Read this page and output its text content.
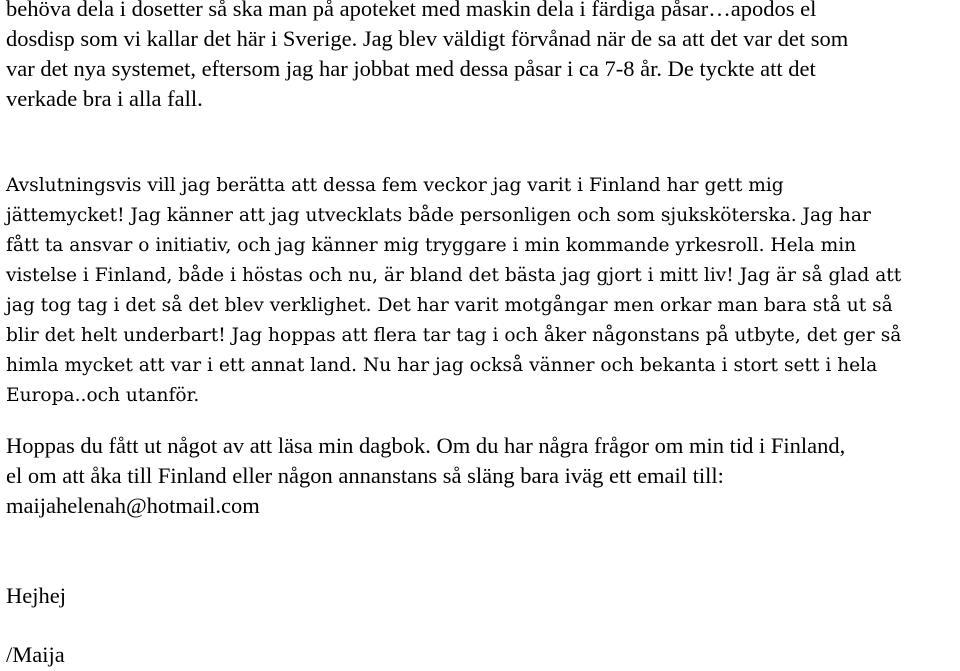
behöva dela i dosetter så ska man på apoteket med maskin dela i färdiga påsar…apodos el
dosdisp som vi kallar det här i Sverige. Jag blev väldigt förvånad när de sa att det var det som
var det nya systemet, eftersom jag har jobbat med dessa påsar i ca 7-8 år. De tyckte att det
verkade bra i alla fall.

Avslutningsvis vill jag berätta att dessa fem veckor jag varit i Finland har gett mig
jättemycket! Jag känner att jag utvecklats både personligen och som sjuksköterska. Jag har
fått ta ansvar o initiativ, och jag känner mig tryggare i min kommande yrkesroll. Hela min
vistelse i Finland, både i höstas och nu, är bland det bästa jag gjort i mitt liv! Jag är så glad att
jag tog tag i det så det blev verklighet. Det har varit motgångar men orkar man bara stå ut så
blir det helt underbart! Jag hoppas att flera tar tag i och åker någonstans på utbyte, det ger så
himla mycket att var i ett annat land. Nu har jag också vänner och bekanta i stort sett i hela
Europa..och utanför.

Hoppas du fått ut något av att läsa min dagbok. Om du har några frågor om min tid i Finland,
el om att åka till Finland eller någon annanstans så släng bara iväg ett email till:
maijahelenah@hotmail.com

Hejhej

/Maija
